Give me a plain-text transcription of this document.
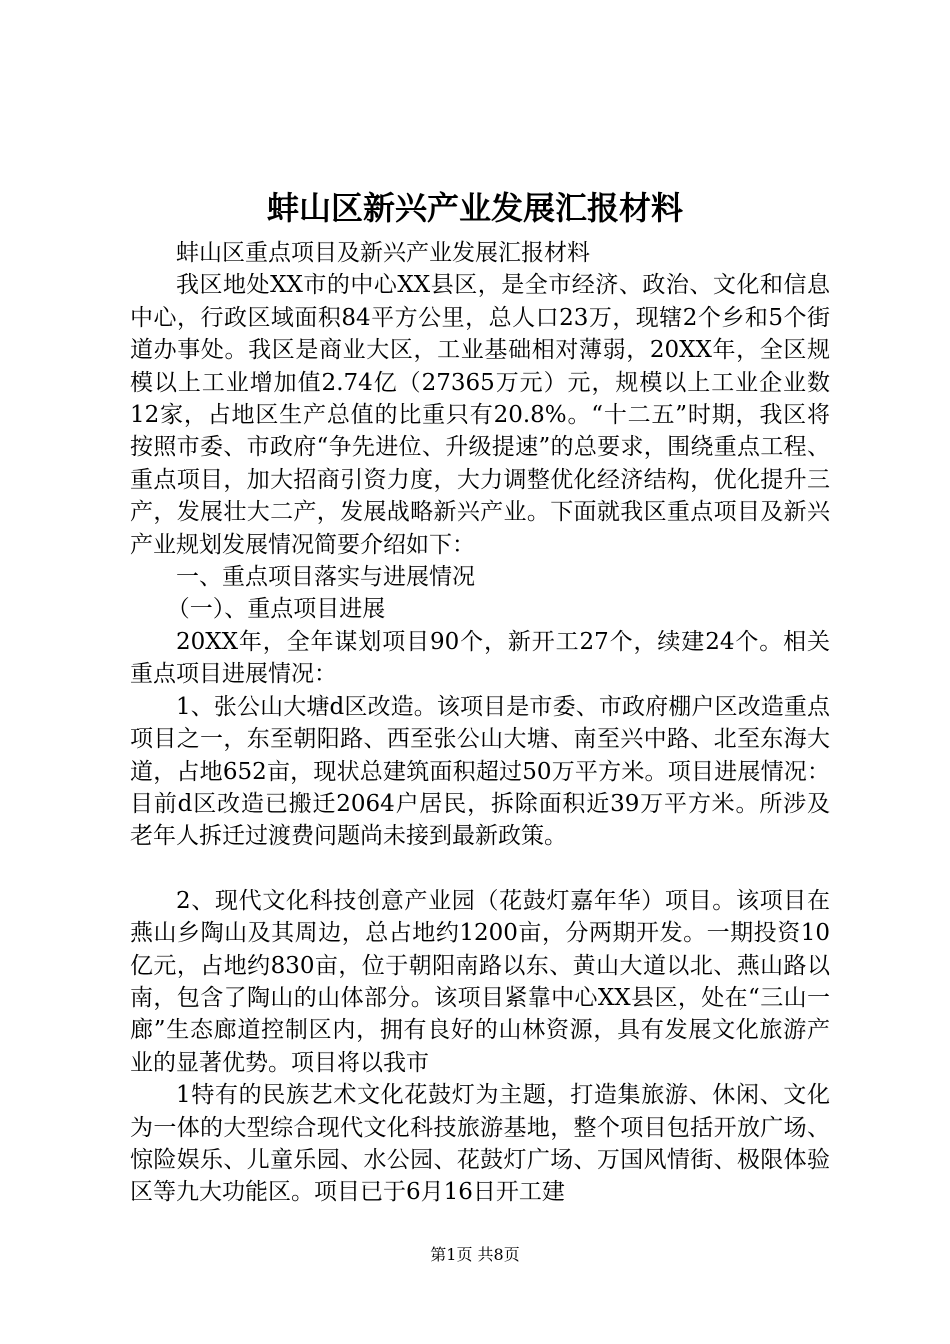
蚌山区新兴产业发展汇报材料

蚌山区重点项目及新兴产业发展汇报材料

我区地处XX市的中心XX县区，是全市经济、政治、文化和信息中心，行政区域面积84平方公里，总人口23万，现辖2个乡和5个街道办事处。我区是商业大区，工业基础相对薄弱，20XX年，全区规模以上工业增加值2.74亿（27365万元）元，规模以上工业企业数12家，占地区生产总值的比重只有20.8%。“十二五”时期，我区将按照市委、市政府“争先进位、升级提速”的总要求，围绕重点工程、重点项目，加大招商引资力度，大力调整优化经济结构，优化提升三产，发展壮大二产，发展战略新兴产业。下面就我区重点项目及新兴产业规划发展情况简要介绍如下：

一、重点项目落实与进展情况

（一）、重点项目进展

20XX年，全年谋划项目90个，新开工27个，续建24个。相关重点项目进展情况：

1、张公山大塘d区改造。该项目是市委、市政府棚户区改造重点项目之一，东至朝阳路、西至张公山大塘、南至兴中路、北至东海大道，占地652亩，现状总建筑面积超过50万平方米。项目进展情况：目前d区改造已搬迁2064户居民，拆除面积近39万平方米。所涉及老年人拆迁过渡费问题尚未接到最新政策。

2、现代文化科技创意产业园（花鼓灯嘉年华）项目。该项目在燕山乡陶山及其周边，总占地约1200亩，分两期开发。一期投资10亿元，占地约830亩，位于朝阳南路以东、黄山大道以北、燕山路以南，包含了陶山的山体部分。该项目紧靠中心XX县区，处在“三山一廊”生态廊道控制区内，拥有良好的山林资源，具有发展文化旅游产业的显著优势。项目将以我市

1特有的民族艺术文化花鼓灯为主题，打造集旅游、休闲、文化为一体的大型综合现代文化科技旅游基地，整个项目包括开放广场、惊险娱乐、儿童乐园、水公园、花鼓灯广场、万国风情街、极限体验区等九大功能区。项目已于6月16日开工建

第1页 共8页
